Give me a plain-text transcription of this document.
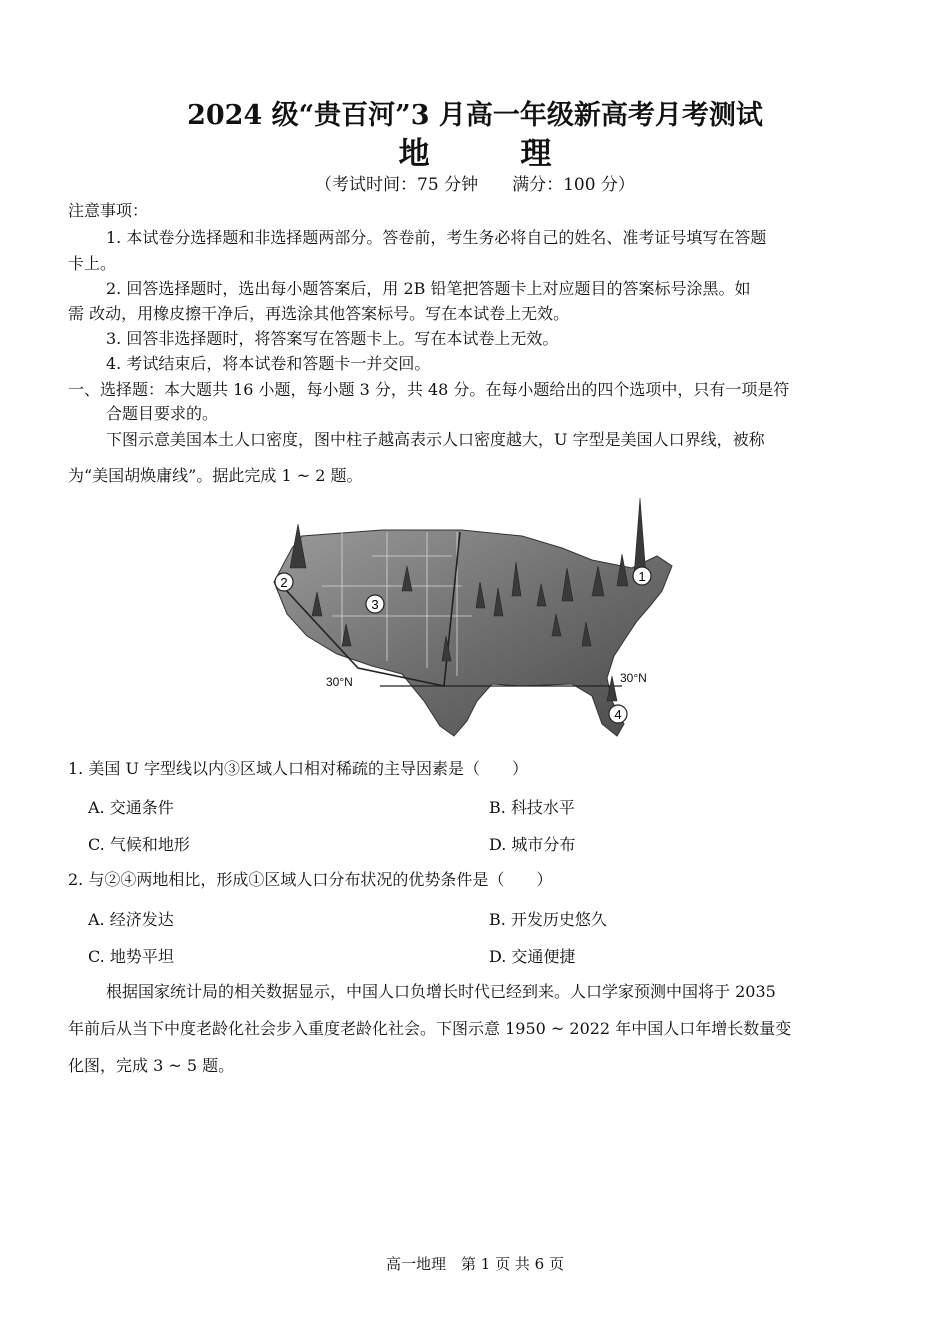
2024 级“贵百河”3 月高一年级新高考月考测试
地 理
（考试时间：75 分钟　　满分：100 分）
注意事项：
1. 本试卷分选择题和非选择题两部分。答卷前，考生务必将自己的姓名、准考证号填写在答题
卡上。
2. 回答选择题时，选出每小题答案后，用 2B 铅笔把答题卡上对应题目的答案标号涂黑。如
需 改动，用橡皮擦干净后，再选涂其他答案标号。写在本试卷上无效。
3. 回答非选择题时，将答案写在答题卡上。写在本试卷上无效。
4. 考试结束后，将本试卷和答题卡一并交回。
一、选择题：本大题共 16 小题，每小题 3 分，共 48 分。在每小题给出的四个选项中，只有一项是符
合题目要求的。
下图示意美国本土人口密度，图中柱子越高表示人口密度越大，U 字型是美国人口界线，被称
为“美国胡焕庸线”。据此完成 1 ~ 2 题。
1
2
3
4
30°N	30°N
1. 美国 U 字型线以内③区域人口相对稀疏的主导因素是（　　）
A. 交通条件	B. 科技水平
C. 气候和地形	D. 城市分布
2. 与②④两地相比，形成①区域人口分布状况的优势条件是（　　）
A. 经济发达	B. 开发历史悠久
C. 地势平坦	D. 交通便捷
根据国家统计局的相关数据显示，中国人口负增长时代已经到来。人口学家预测中国将于 2035
年前后从当下中度老龄化社会步入重度老龄化社会。下图示意 1950 ~ 2022 年中国人口年增长数量变
化图，完成 3 ~ 5 题。
高一地理　第 1 页 共 6 页
